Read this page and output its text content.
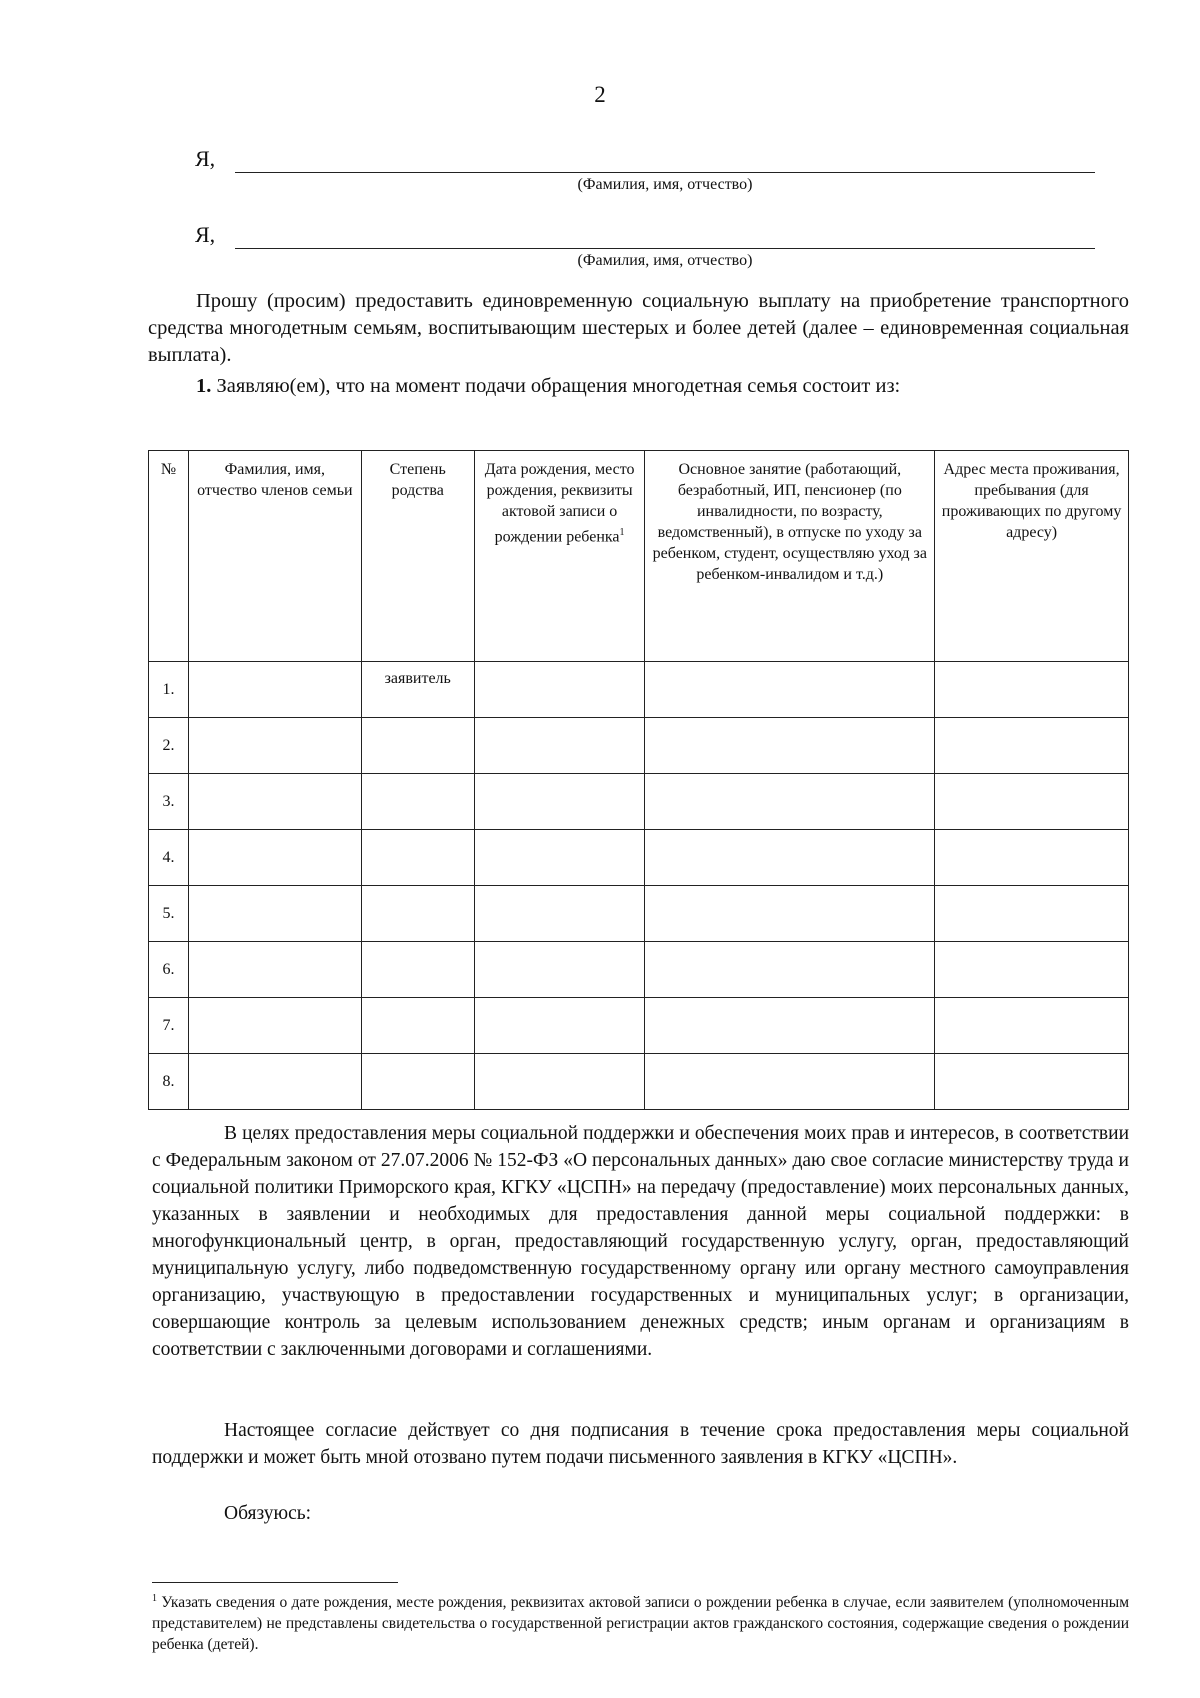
2
Я,
(Фамилия, имя, отчество)
Я,
(Фамилия, имя, отчество)
Прошу (просим) предоставить единовременную социальную выплату на приобретение транспортного средства многодетным семьям, воспитывающим шестерых и более детей (далее – единовременная социальная выплата).
1. Заявляю(ем), что на момент подачи обращения многодетная семья состоит из:
№	Фамилия, имя, отчество членов семьи	Степень родства	Дата рождения, место рождения, реквизиты актовой записи о рождении ребенка$^1$	Основное занятие (работающий, безработный, ИП, пенсионер (по инвалидности, по возрасту, ведомственный), в отпуске по уходу за ребенком, студент, осуществляю уход за ребенком-инвалидом и т.д.)	Адрес места проживания, пребывания (для проживающих по другому адресу)
1.		заявитель			
2.					
3.					
4.					
5.					
6.					
7.					
8.					
В целях предоставления меры социальной поддержки и обеспечения моих прав и интересов, в соответствии с Федеральным законом от 27.07.2006 № 152-ФЗ «О персональных данных» даю свое согласие министерству труда и социальной политики Приморского края, КГКУ «ЦСПН» на передачу (предоставление) моих персональных данных, указанных в заявлении и необходимых для предоставления данной меры социальной поддержки: в многофункциональный центр, в орган, предоставляющий государственную услугу, орган, предоставляющий муниципальную услугу, либо подведомственную государственному органу или органу местного самоуправления организацию, участвующую в предоставлении государственных и муниципальных услуг; в организации, совершающие контроль за целевым использованием денежных средств; иным органам и организациям в соответствии с заключенными договорами и соглашениями.
Настоящее согласие действует со дня подписания в течение срока предоставления меры социальной поддержки и может быть мной отозвано путем подачи письменного заявления в КГКУ «ЦСПН».
Обязуюсь:
$^1$ Указать сведения о дате рождения, месте рождения, реквизитах актовой записи о рождении ребенка в случае, если заявителем (уполномоченным представителем) не представлены свидетельства о государственной регистрации актов гражданского состояния, содержащие сведения о рождении ребенка (детей).
